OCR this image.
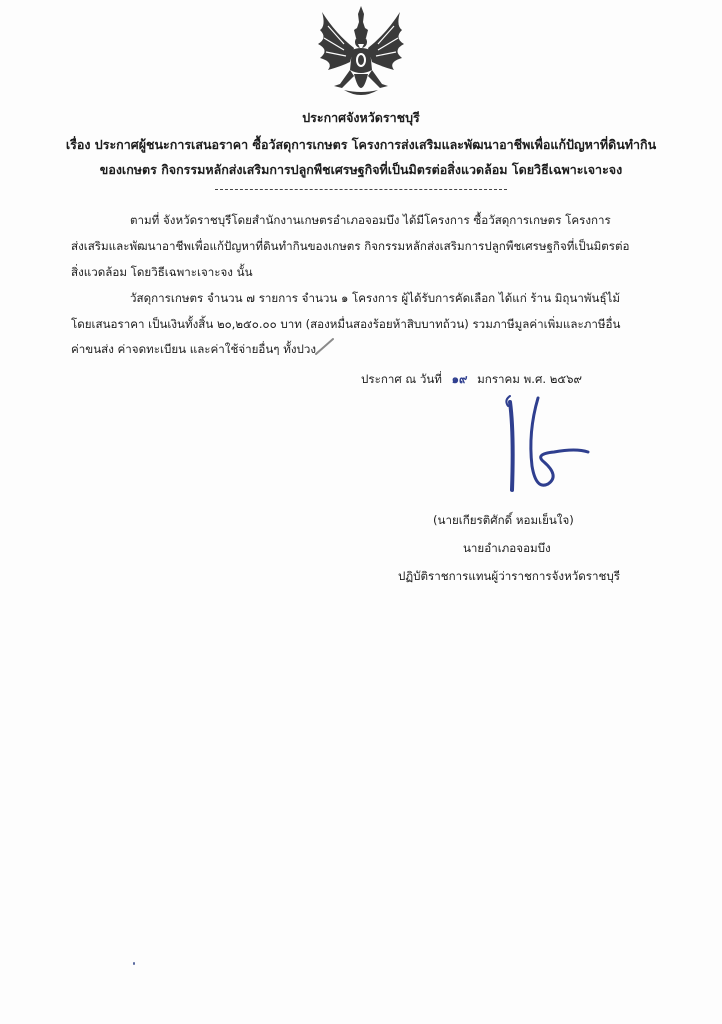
ประกาศจังหวัดราชบุรี
เรื่อง ประกาศผู้ชนะการเสนอราคา ซื้อวัสดุการเกษตร โครงการส่งเสริมและพัฒนาอาชีพเพื่อแก้ปัญหาที่ดินทำกิน
ของเกษตร กิจกรรมหลักส่งเสริมการปลูกพืชเศรษฐกิจที่เป็นมิตรต่อสิ่งแวดล้อม โดยวิธีเฉพาะเจาะจง
ตามที่ จังหวัดราชบุรีโดยสำนักงานเกษตรอำเภอจอมบึง ได้มีโครงการ ซื้อวัสดุการเกษตร โครงการ
ส่งเสริมและพัฒนาอาชีพเพื่อแก้ปัญหาที่ดินทำกินของเกษตร กิจกรรมหลักส่งเสริมการปลูกพืชเศรษฐกิจที่เป็นมิตรต่อ
สิ่งแวดล้อม โดยวิธีเฉพาะเจาะจง นั้น
วัสดุการเกษตร จำนวน ๗ รายการ จำนวน ๑ โครงการ ผู้ได้รับการคัดเลือก ได้แก่ ร้าน มิถุนาพันธุ์ไม้
โดยเสนอราคา เป็นเงินทั้งสิ้น ๒๐,๒๕๐.๐๐ บาท (สองหมื่นสองร้อยห้าสิบบาทถ้วน) รวมภาษีมูลค่าเพิ่มและภาษีอื่น
ค่าขนส่ง ค่าจดทะเบียน และค่าใช้จ่ายอื่นๆ ทั้งปวง
ประกาศ ณ วันที่ ๑๙ มกราคม พ.ศ. ๒๕๖๙
(นายเกียรติศักดิ์ หอมเย็นใจ)
นายอำเภอจอมบึง
ปฏิบัติราชการแทนผู้ว่าราชการจังหวัดราชบุรี
